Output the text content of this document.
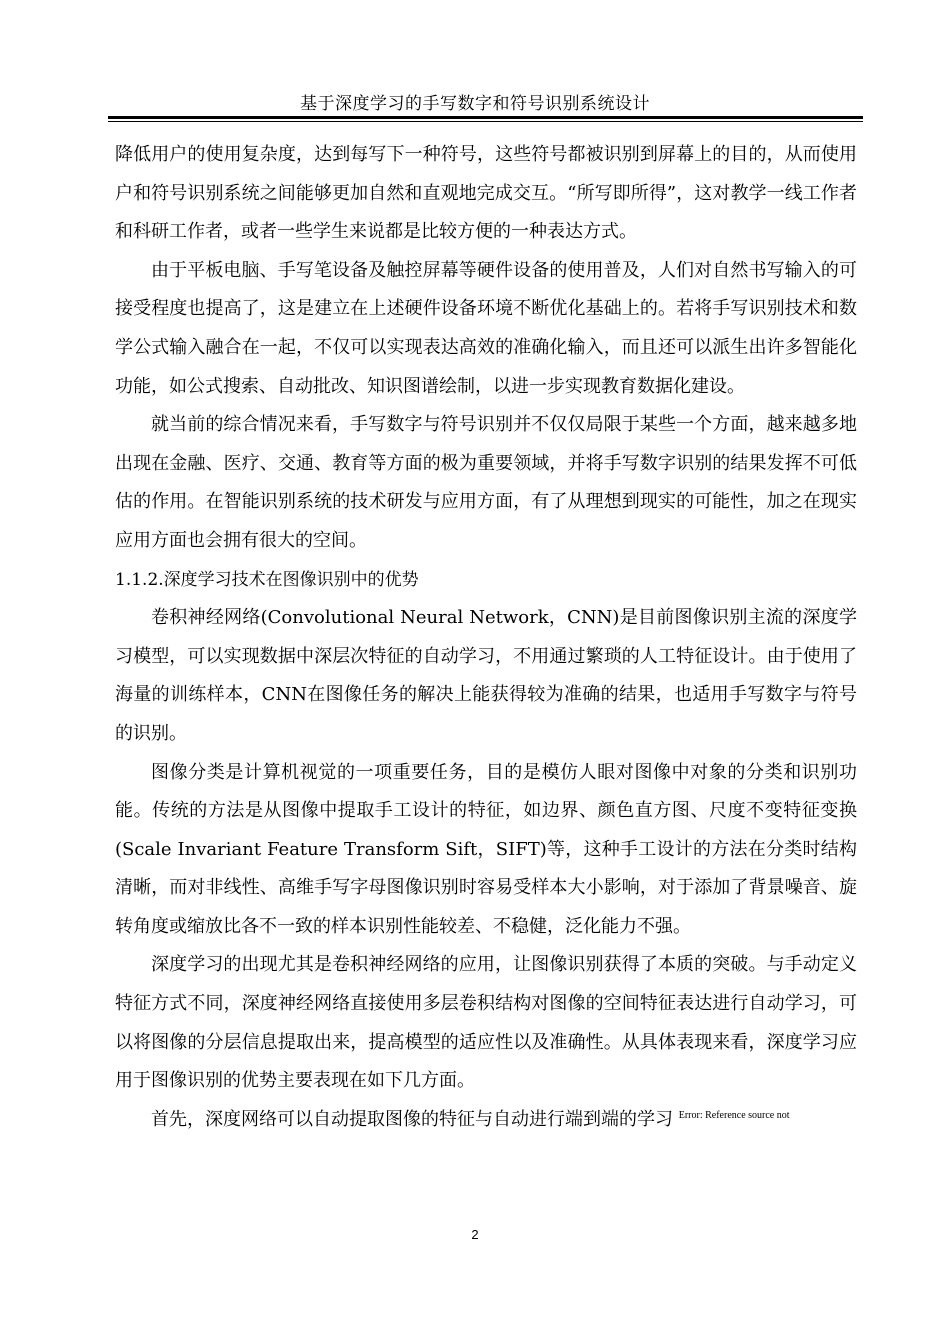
基于深度学习的手写数字和符号识别系统设计

降低用户的使用复杂度，达到每写下一种符号，这些符号都被识别到屏幕上的目的，从而使用户和符号识别系统之间能够更加自然和直观地完成交互。“所写即所得”，这对教学一线工作者和科研工作者，或者一些学生来说都是比较方便的一种表达方式。

由于平板电脑、手写笔设备及触控屏幕等硬件设备的使用普及，人们对自然书写输入的可接受程度也提高了，这是建立在上述硬件设备环境不断优化基础上的。若将手写识别技术和数学公式输入融合在一起，不仅可以实现表达高效的准确化输入，而且还可以派生出许多智能化功能，如公式搜索、自动批改、知识图谱绘制，以进一步实现教育数据化建设。

就当前的综合情况来看，手写数字与符号识别并不仅仅局限于某些一个方面，越来越多地出现在金融、医疗、交通、教育等方面的极为重要领域，并将手写数字识别的结果发挥不可低估的作用。在智能识别系统的技术研发与应用方面，有了从理想到现实的可能性，加之在现实应用方面也会拥有很大的空间。

1.1.2.深度学习技术在图像识别中的优势

卷积神经网络(Convolutional Neural Network，CNN)是目前图像识别主流的深度学习模型，可以实现数据中深层次特征的自动学习，不用通过繁琐的人工特征设计。由于使用了海量的训练样本，CNN在图像任务的解决上能获得较为准确的结果，也适用手写数字与符号的识别。

图像分类是计算机视觉的一项重要任务，目的是模仿人眼对图像中对象的分类和识别功能。传统的方法是从图像中提取手工设计的特征，如边界、颜色直方图、尺度不变特征变换(Scale Invariant Feature Transform Sift，SIFT)等，这种手工设计的方法在分类时结构清晰，而对非线性、高维手写字母图像识别时容易受样本大小影响，对于添加了背景噪音、旋转角度或缩放比各不一致的样本识别性能较差、不稳健，泛化能力不强。

深度学习的出现尤其是卷积神经网络的应用，让图像识别获得了本质的突破。与手动定义特征方式不同，深度神经网络直接使用多层卷积结构对图像的空间特征表达进行自动学习，可以将图像的分层信息提取出来，提高模型的适应性以及准确性。从具体表现来看，深度学习应用于图像识别的优势主要表现在如下几方面。

首先，深度网络可以自动提取图像的特征与自动进行端到端的学习 $^{Error: Reference source not}$

2
